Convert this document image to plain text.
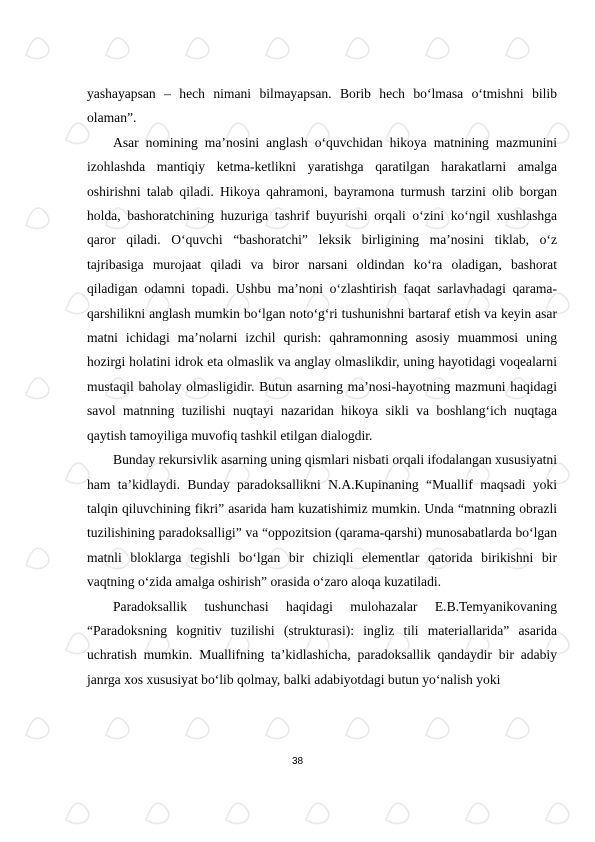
yashayapsan – hech nimani bilmayapsan. Borib hech bo‘lmasa o‘tmishni bilib olaman”.

Asar nomining ma’nosini anglash o‘quvchidan hikoya matnining mazmunini izohlashda mantiqiy ketma-ketlikni yaratishga qaratilgan harakatlarni amalga oshirishni talab qiladi. Hikoya qahramoni, bayramona turmush tarzini olib borgan holda, bashoratchining huzuriga tashrif buyurishi orqali o‘zini ko‘ngil xushlashga qaror qiladi. O‘quvchi “bashoratchi” leksik birligining ma’nosini tiklab, o‘z tajribasiga murojaat qiladi va biror narsani oldindan ko‘ra oladigan, bashorat qiladigan odamni topadi. Ushbu ma’noni o‘zlashtirish faqat sarlavhadagi qarama-qarshilikni anglash mumkin bo‘lgan noto‘g‘ri tushunishni bartaraf etish va keyin asar matni ichidagi ma’nolarni izchil qurish: qahramonning asosiy muammosi uning hozirgi holatini idrok eta olmaslik va anglay olmaslikdir, uning hayotidagi voqealarni mustaqil baholay olmasligidir. Butun asarning ma’nosi-hayotning mazmuni haqidagi savol matnning tuzilishi nuqtayi nazaridan hikoya sikli va boshlang‘ich nuqtaga qaytish tamoyiliga muvofiq tashkil etilgan dialogdir.

Bunday rekursivlik asarning uning qismlari nisbati orqali ifodalangan xususiyatni ham ta’kidlaydi. Bunday paradoksallikni N.A.Kupinaning “Muallif maqsadi yoki talqin qiluvchining fikri” asarida ham kuzatishimiz mumkin. Unda “matnning obrazli tuzilishining paradoksalligi” va “oppozitsion (qarama-qarshi) munosabatlarda bo‘lgan matnli bloklarga tegishli bo‘lgan bir chiziqli elementlar qatorida birikishni bir vaqtning o‘zida amalga oshirish” orasida o‘zaro aloqa kuzatiladi.

Paradoksallik tushunchasi haqidagi mulohazalar E.B.Temyanikovaning “Paradoksning kognitiv tuzilishi (strukturasi): ingliz tili materiallarida” asarida uchratish mumkin. Muallifning ta’kidlashicha, paradoksallik qandaydir bir adabiy janrga xos xususiyat bo‘lib qolmay, balki adabiyotdagi butun yo‘nalish yoki

38
